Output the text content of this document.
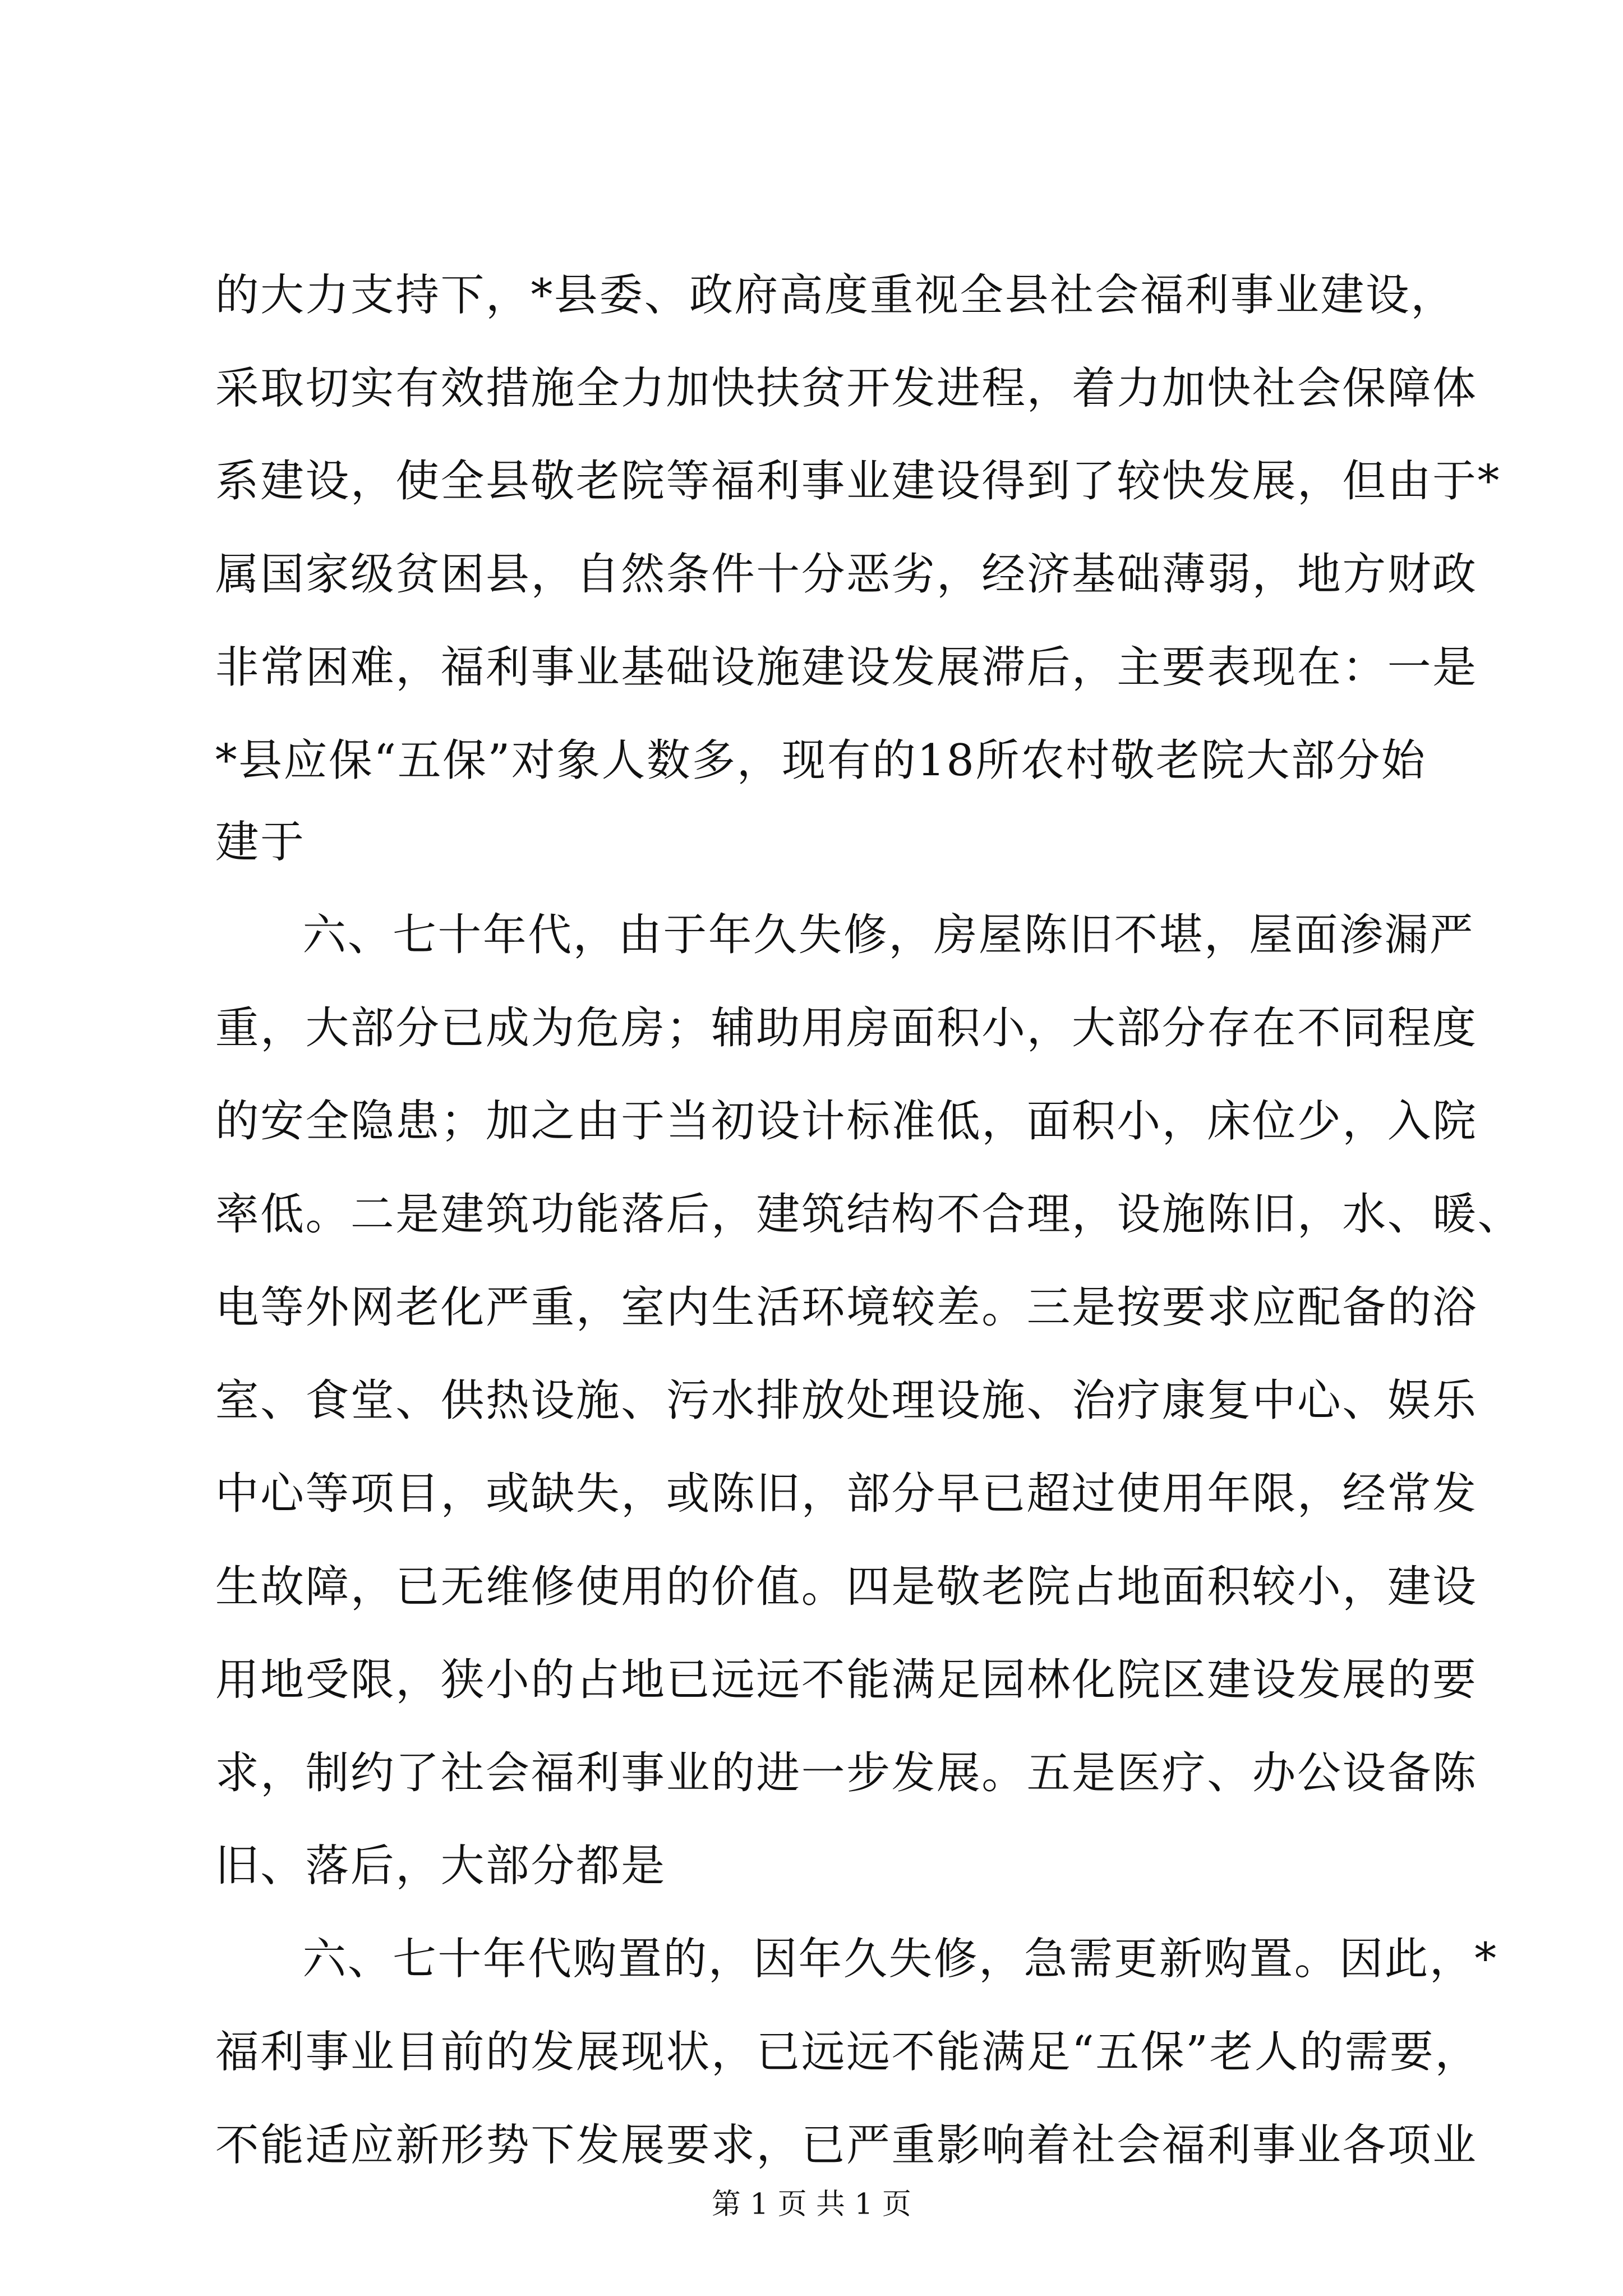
的大力支持下，*县委、政府高度重视全县社会福利事业建设，
采取切实有效措施全力加快扶贫开发进程，着力加快社会保障体
系建设，使全县敬老院等福利事业建设得到了较快发展，但由于*
属国家级贫困县，自然条件十分恶劣，经济基础薄弱，地方财政
非常困难，福利事业基础设施建设发展滞后，主要表现在：一是
*县应保“五保”对象人数多，现有的18所农村敬老院大部分始
建于
六、七十年代，由于年久失修，房屋陈旧不堪，屋面渗漏严
重，大部分已成为危房；辅助用房面积小，大部分存在不同程度
的安全隐患；加之由于当初设计标准低，面积小，床位少，入院
率低。二是建筑功能落后，建筑结构不合理，设施陈旧，水、暖、
电等外网老化严重，室内生活环境较差。三是按要求应配备的浴
室、食堂、供热设施、污水排放处理设施、治疗康复中心、娱乐
中心等项目，或缺失，或陈旧，部分早已超过使用年限，经常发
生故障，已无维修使用的价值。四是敬老院占地面积较小，建设
用地受限，狭小的占地已远远不能满足园林化院区建设发展的要
求，制约了社会福利事业的进一步发展。五是医疗、办公设备陈
旧、落后，大部分都是
六、七十年代购置的，因年久失修，急需更新购置。因此，*
福利事业目前的发展现状，已远远不能满足“五保”老人的需要，
不能适应新形势下发展要求，已严重影响着社会福利事业各项业
第 1 页 共 1 页
